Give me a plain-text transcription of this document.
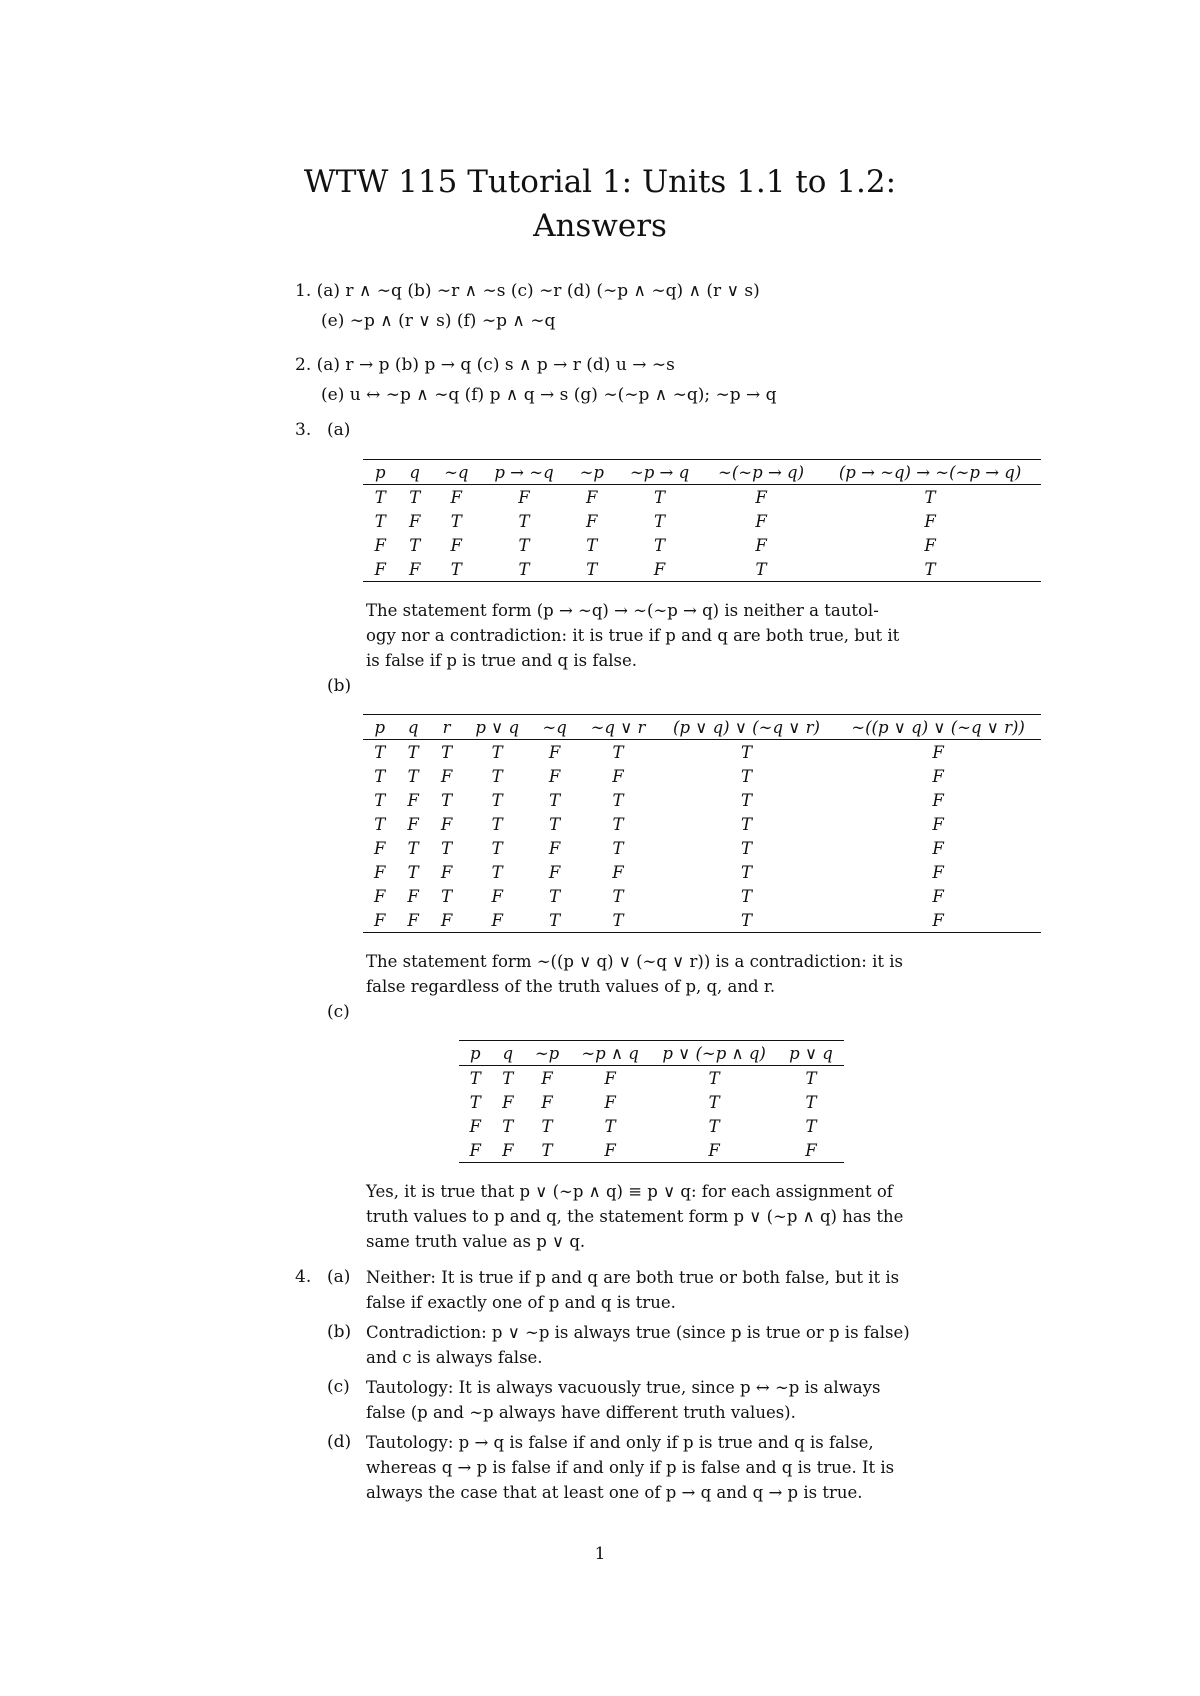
WTW 115 Tutorial 1: Units 1.1 to 1.2:
Answers
1. (a) r ∧ ∼q (b) ∼r ∧ ∼s (c) ∼r (d) (∼p ∧ ∼q) ∧ (r ∨ s)
(e) ∼p ∧ (r ∨ s) (f) ∼p ∧ ∼q
2. (a) r → p (b) p → q (c) s ∧ p → r (d) u → ∼s
(e) u ↔ ∼p ∧ ∼q (f) p ∧ q → s (g) ∼(∼p ∧ ∼q); ∼p → q
3. (a)
p	q	∼q	p → ∼q	∼p	∼p → q	∼(∼p → q)	(p → ∼q) → ∼(∼p → q)
T	T	F	F	F	T	F	T
T	F	T	T	F	T	F	F
F	T	F	T	T	T	F	F
F	F	T	T	T	F	T	T
The statement form (p → ∼q) → ∼(∼p → q) is neither a tautol-
ogy nor a contradiction: it is true if p and q are both true, but it
is false if p is true and q is false.
(b)
p	q	r	p ∨ q	∼q	∼q ∨ r	(p ∨ q) ∨ (∼q ∨ r)	∼((p ∨ q) ∨ (∼q ∨ r))
T	T	T	T	F	T	T	F
T	T	F	T	F	F	T	F
T	F	T	T	T	T	T	F
T	F	F	T	T	T	T	F
F	T	T	T	F	T	T	F
F	T	F	T	F	F	T	F
F	F	T	F	T	T	T	F
F	F	F	F	T	T	T	F
The statement form ∼((p ∨ q) ∨ (∼q ∨ r)) is a contradiction: it is
false regardless of the truth values of p, q, and r.
(c)
p	q	∼p	∼p ∧ q	p ∨ (∼p ∧ q)	p ∨ q
T	T	F	F	T	T
T	F	F	F	T	T
F	T	T	T	T	T
F	F	T	F	F	F
Yes, it is true that p ∨ (∼p ∧ q) ≡ p ∨ q: for each assignment of
truth values to p and q, the statement form p ∨ (∼p ∧ q) has the
same truth value as p ∨ q.
4. (a) Neither: It is true if p and q are both true or both false, but it is
false if exactly one of p and q is true.
(b) Contradiction: p ∨ ∼p is always true (since p is true or p is false)
and c is always false.
(c) Tautology: It is always vacuously true, since p ↔ ∼p is always
false (p and ∼p always have different truth values).
(d) Tautology: p → q is false if and only if p is true and q is false,
whereas q → p is false if and only if p is false and q is true. It is
always the case that at least one of p → q and q → p is true.
1
